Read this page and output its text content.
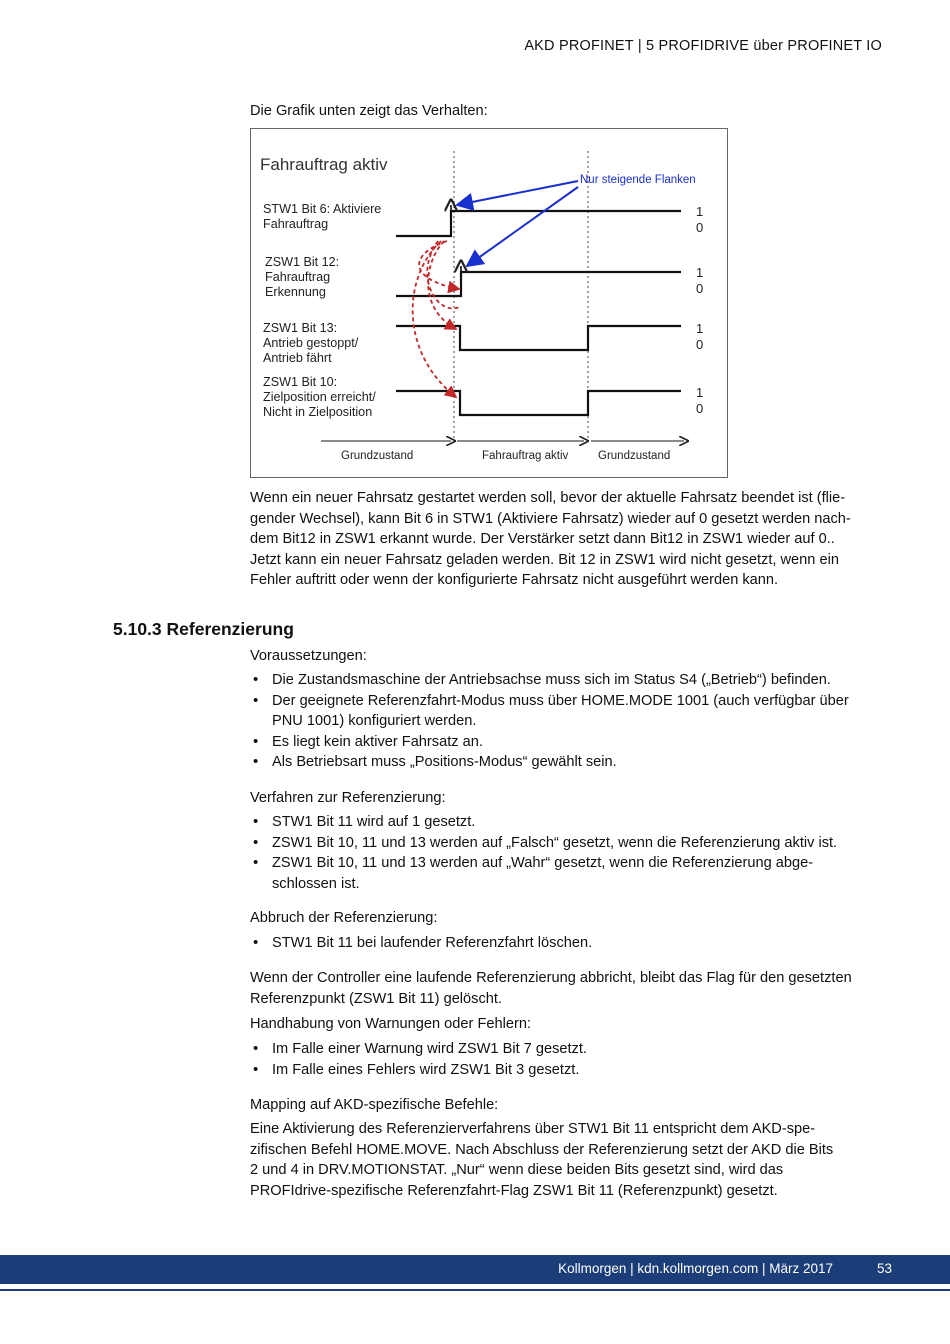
AKD PROFINET | 5 PROFIDRIVE über PROFINET IO
Die Grafik unten zeigt das Verhalten:
Fahrauftrag aktiv
Nur steigende Flanken
STW1 Bit 6: Aktiviere
Fahrauftrag
ZSW1 Bit 12:
Fahrauftrag
Erkennung
ZSW1 Bit 13:
Antrieb gestoppt/
Antrieb fährt
ZSW1 Bit 10:
Zielposition erreicht/
Nicht in Zielposition
1
0
1
0
1
0
1
0
Grundzustand	Fahrauftrag aktiv	Grundzustand
Wenn ein neuer Fahrsatz gestartet werden soll, bevor der aktuelle Fahrsatz beendet ist (flie-
gender Wechsel), kann Bit 6 in STW1 (Aktiviere Fahrsatz) wieder auf 0 gesetzt werden nach-
dem Bit12 in ZSW1 erkannt wurde. Der Verstärker setzt dann Bit12 in ZSW1 wieder auf 0..
Jetzt kann ein neuer Fahrsatz geladen werden. Bit 12 in ZSW1 wird nicht gesetzt, wenn ein
Fehler auftritt oder wenn der konfigurierte Fahrsatz nicht ausgeführt werden kann.
5.10.3 Referenzierung
Voraussetzungen:
• Die Zustandsmaschine der Antriebsachse muss sich im Status S4 („Betrieb“) befinden.
• Der geeignete Referenzfahrt-Modus muss über HOME.MODE 1001 (auch verfügbar über
PNU 1001) konfiguriert werden.
• Es liegt kein aktiver Fahrsatz an.
• Als Betriebsart muss „Positions-Modus“ gewählt sein.
Verfahren zur Referenzierung:
• STW1 Bit 11 wird auf 1 gesetzt.
• ZSW1 Bit 10, 11 und 13 werden auf „Falsch“ gesetzt, wenn die Referenzierung aktiv ist.
• ZSW1 Bit 10, 11 und 13 werden auf „Wahr“ gesetzt, wenn die Referenzierung abge-
schlossen ist.
Abbruch der Referenzierung:
• STW1 Bit 11 bei laufender Referenzfahrt löschen.
Wenn der Controller eine laufende Referenzierung abbricht, bleibt das Flag für den gesetzten
Referenzpunkt (ZSW1 Bit 11) gelöscht.
Handhabung von Warnungen oder Fehlern:
• Im Falle einer Warnung wird ZSW1 Bit 7 gesetzt.
• Im Falle eines Fehlers wird ZSW1 Bit 3 gesetzt.
Mapping auf AKD-spezifische Befehle:
Eine Aktivierung des Referenzierverfahrens über STW1 Bit 11 entspricht dem AKD-spe-
zifischen Befehl HOME.MOVE. Nach Abschluss der Referenzierung setzt der AKD die Bits
2 und 4 in DRV.MOTIONSTAT. „Nur“ wenn diese beiden Bits gesetzt sind, wird das
PROFIdrive-spezifische Referenzfahrt-Flag ZSW1 Bit 11 (Referenzpunkt) gesetzt.
Kollmorgen | kdn.kollmorgen.com | März 2017	53
